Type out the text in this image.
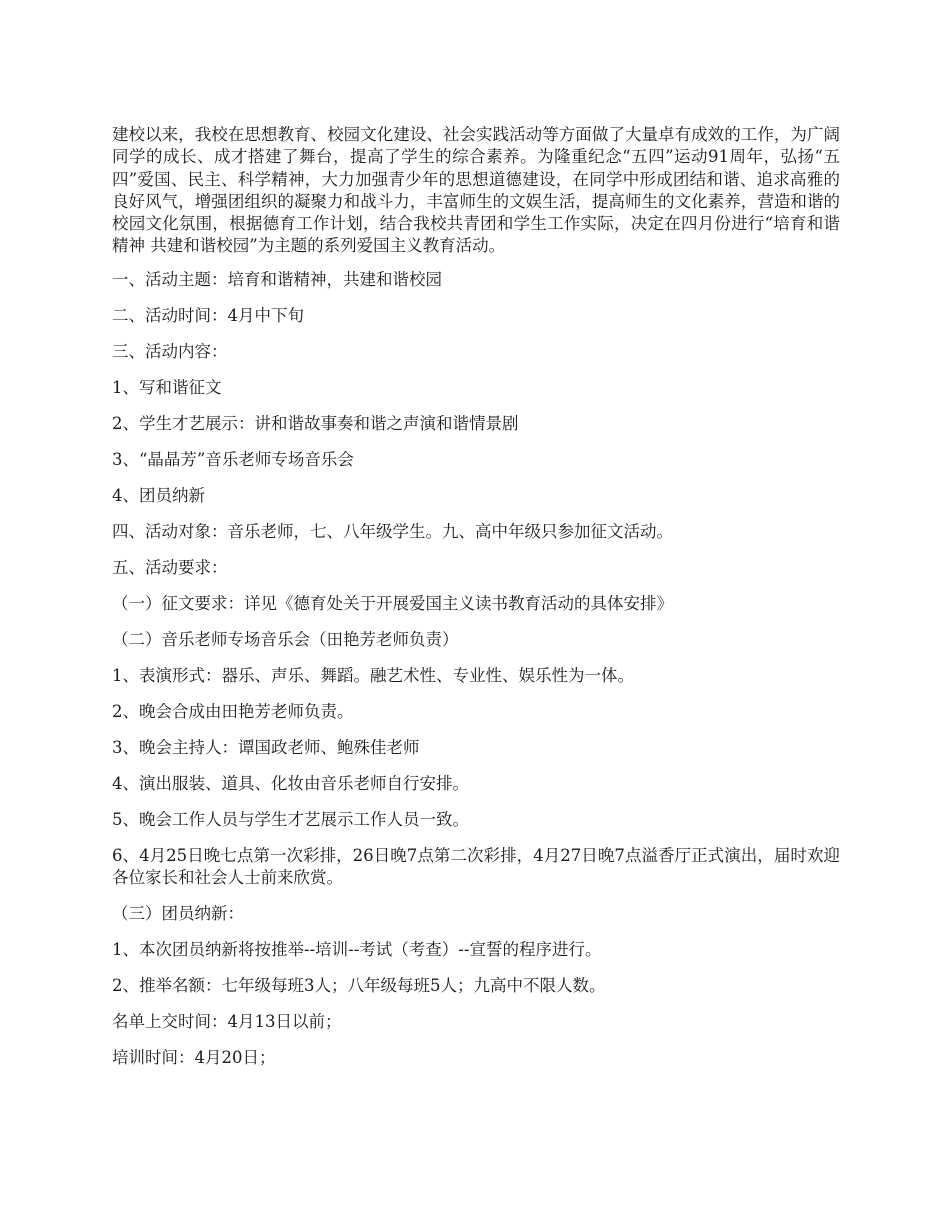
建校以来，我校在思想教育、校园文化建设、社会实践活动等方面做了大量卓有成效的工作，为广阔同学的成长、成才搭建了舞台，提高了学生的综合素养。为隆重纪念“五四”运动91周年，弘扬“五四”爱国、民主、科学精神，大力加强青少年的思想道德建设，在同学中形成团结和谐、追求高雅的良好风气，增强团组织的凝聚力和战斗力，丰富师生的文娱生活，提高师生的文化素养，营造和谐的校园文化氛围，根据德育工作计划，结合我校共青团和学生工作实际，决定在四月份进行“培育和谐精神 共建和谐校园”为主题的系列爱国主义教育活动。

一、活动主题：培育和谐精神，共建和谐校园

二、活动时间：4月中下旬

三、活动内容：

1、写和谐征文

2、学生才艺展示：讲和谐故事奏和谐之声演和谐情景剧

3、“晶晶芳”音乐老师专场音乐会

4、团员纳新

四、活动对象：音乐老师，七、八年级学生。九、高中年级只参加征文活动。

五、活动要求：

（一）征文要求：详见《德育处关于开展爱国主义读书教育活动的具体安排》

（二）音乐老师专场音乐会（田艳芳老师负责）

1、表演形式：器乐、声乐、舞蹈。融艺术性、专业性、娱乐性为一体。

2、晚会合成由田艳芳老师负责。

3、晚会主持人：谭国政老师、鲍殊佳老师

4、演出服装、道具、化妆由音乐老师自行安排。

5、晚会工作人员与学生才艺展示工作人员一致。

6、4月25日晚七点第一次彩排，26日晚7点第二次彩排，4月27日晚7点溢香厅正式演出，届时欢迎各位家长和社会人士前来欣赏。

（三）团员纳新：

1、本次团员纳新将按推举--培训--考试（考查）--宣誓的程序进行。

2、推举名额：七年级每班3人；八年级每班5人；九高中不限人数。

名单上交时间：4月13日以前；

培训时间：4月20日；
